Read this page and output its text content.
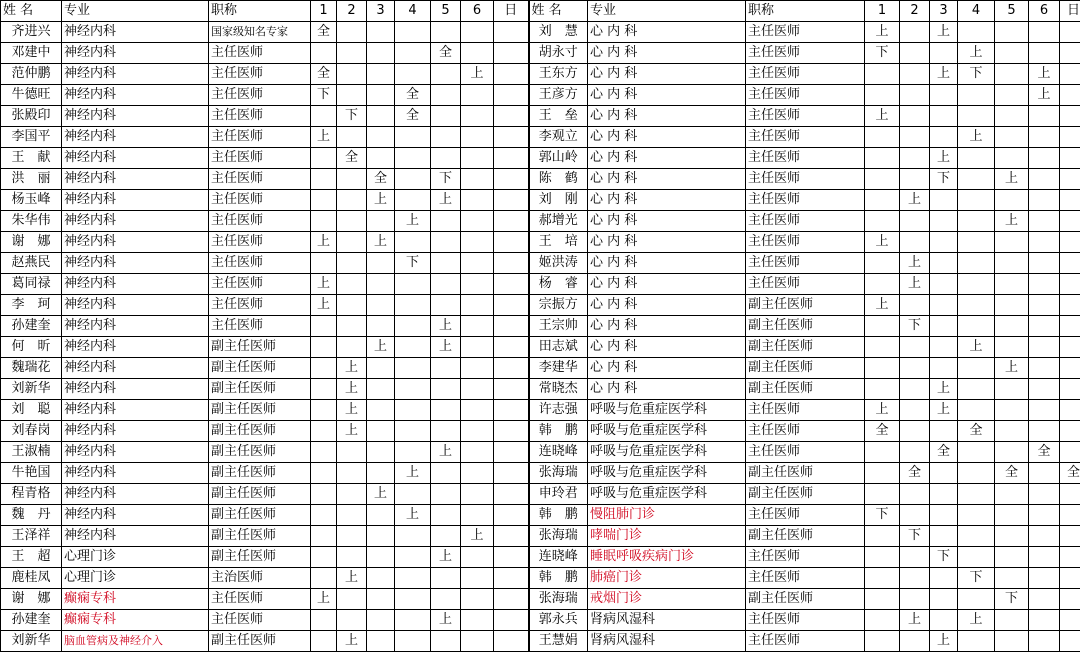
姓 名	专业	职称	1	2	3	4	5	6	日	姓 名	专业	职称	1	2	3	4	5	6	日
齐进兴	神经内科	国家级知名专家	全							刘　慧	心 内 科	主任医师	上		上				
邓建中	神经内科	主任医师					全			胡永寸	心 内 科	主任医师	下			上			
范仲鹏	神经内科	主任医师	全					上		王东方	心 内 科	主任医师			上	下		上	
牛德旺	神经内科	主任医师	下			全				王彦方	心 内 科	主任医师						上	
张殿印	神经内科	主任医师		下		全				王　垒	心 内 科	主任医师	上						
李国平	神经内科	主任医师	上							李观立	心 内 科	主任医师				上			
王　献	神经内科	主任医师		全						郭山岭	心 内 科	主任医师			上				
洪　丽	神经内科	主任医师			全		下			陈　鹤	心 内 科	主任医师			下		上		
杨玉峰	神经内科	主任医师			上		上			刘　刚	心 内 科	主任医师		上					
朱华伟	神经内科	主任医师				上				郝增光	心 内 科	主任医师					上		
谢　娜	神经内科	主任医师	上		上					王　培	心 内 科	主任医师	上						
赵燕民	神经内科	主任医师				下				姬洪涛	心 内 科	主任医师		上					
葛同禄	神经内科	主任医师	上							杨　睿	心 内 科	主任医师		上					
李　珂	神经内科	主任医师	上							宗振方	心 内 科	副主任医师	上						
孙建奎	神经内科	主任医师					上			王宗帅	心 内 科	副主任医师		下					
何　昕	神经内科	副主任医师			上		上			田志斌	心 内 科	副主任医师				上			
魏瑞花	神经内科	副主任医师		上						李建华	心 内 科	副主任医师					上		
刘新华	神经内科	副主任医师		上						常晓杰	心 内 科	副主任医师			上				
刘　聪	神经内科	副主任医师		上						许志强	呼吸与危重症医学科	主任医师	上		上				
刘春岗	神经内科	副主任医师		上						韩　鹏	呼吸与危重症医学科	主任医师	全			全			
王淑楠	神经内科	副主任医师					上			连晓峰	呼吸与危重症医学科	主任医师			全			全	
牛艳国	神经内科	副主任医师				上				张海瑞	呼吸与危重症医学科	副主任医师		全			全		全
程青格	神经内科	副主任医师			上					申玲君	呼吸与危重症医学科	副主任医师							
魏　丹	神经内科	副主任医师				上				韩　鹏	慢阻肺门诊	主任医师	下						
王泽祥	神经内科	副主任医师						上		张海瑞	哮喘门诊	副主任医师		下					
王　超	心理门诊	副主任医师					上			连晓峰	睡眠呼吸疾病门诊	主任医师			下				
鹿桂凤	心理门诊	主治医师		上						韩　鹏	肺癌门诊	主任医师				下			
谢　娜	癫痫专科	主任医师	上							张海瑞	戒烟门诊	副主任医师					下		
孙建奎	癫痫专科	主任医师					上			郭永兵	肾病风湿科	主任医师		上		上			
刘新华	脑血管病及神经介入	副主任医师		上						王慧娟	肾病风湿科	主任医师			上				
